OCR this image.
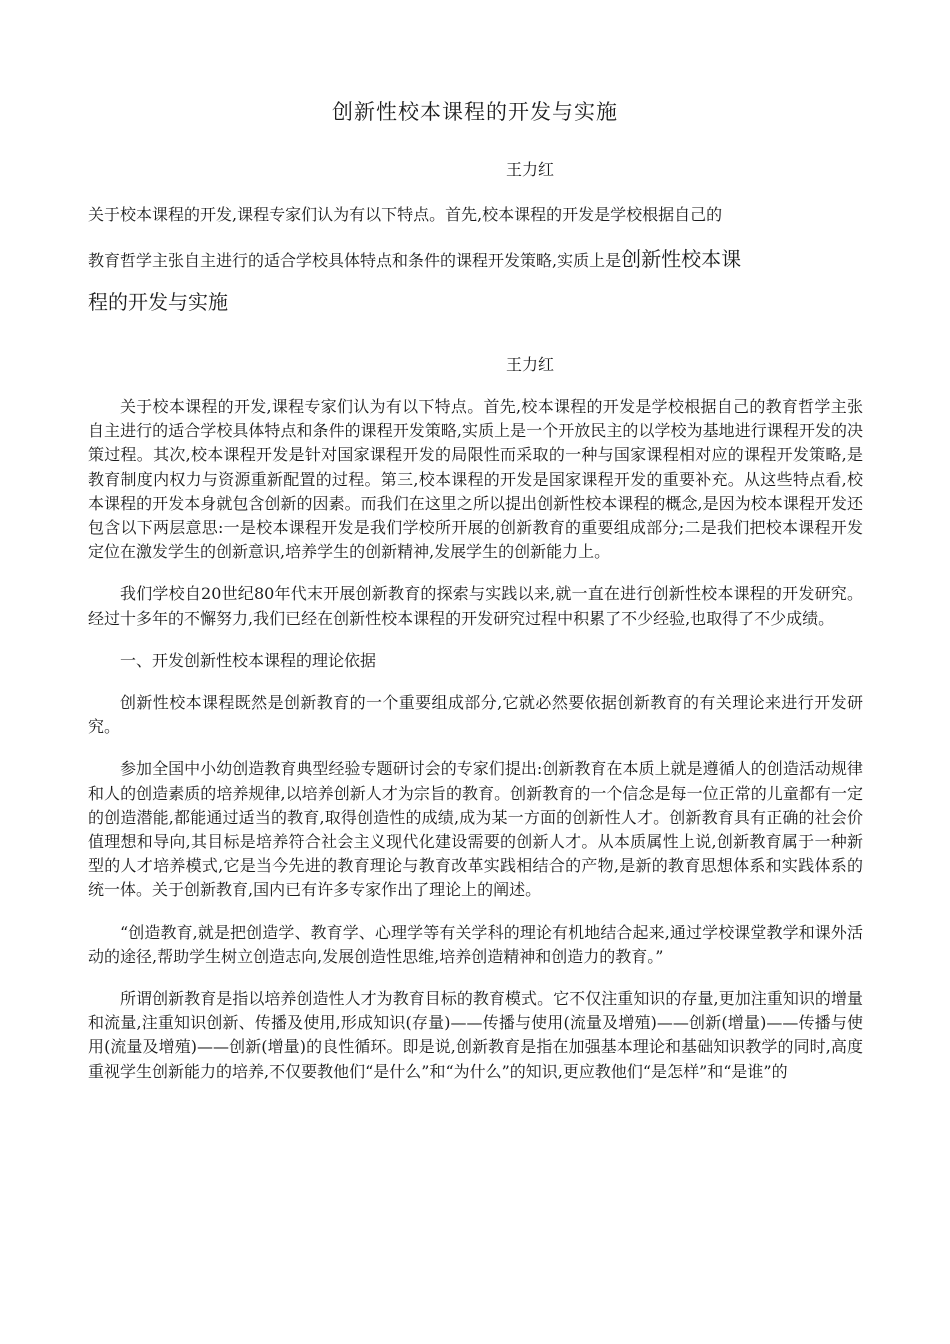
创新性校本课程的开发与实施
王力红
关于校本课程的开发,课程专家们认为有以下特点。首先,校本课程的开发是学校根据自己的
教育哲学主张自主进行的适合学校具体特点和条件的课程开发策略,实质上是创新性校本课
程的开发与实施
王力红

关于校本课程的开发,课程专家们认为有以下特点。首先,校本课程的开发是学校根据自己的教育哲学主张自主进行的适合学校具体特点和条件的课程开发策略,实质上是一个开放民主的以学校为基地进行课程开发的决策过程。其次,校本课程开发是针对国家课程开发的局限性而采取的一种与国家课程相对应的课程开发策略,是教育制度内权力与资源重新配置的过程。第三,校本课程的开发是国家课程开发的重要补充。从这些特点看,校本课程的开发本身就包含创新的因素。而我们在这里之所以提出创新性校本课程的概念,是因为校本课程开发还包含以下两层意思:一是校本课程开发是我们学校所开展的创新教育的重要组成部分;二是我们把校本课程开发定位在激发学生的创新意识,培养学生的创新精神,发展学生的创新能力上。

我们学校自20世纪80年代末开展创新教育的探索与实践以来,就一直在进行创新性校本课程的开发研究。经过十多年的不懈努力,我们已经在创新性校本课程的开发研究过程中积累了不少经验,也取得了不少成绩。

一、开发创新性校本课程的理论依据

创新性校本课程既然是创新教育的一个重要组成部分,它就必然要依据创新教育的有关理论来进行开发研究。

参加全国中小幼创造教育典型经验专题研讨会的专家们提出:创新教育在本质上就是遵循人的创造活动规律和人的创造素质的培养规律,以培养创新人才为宗旨的教育。创新教育的一个信念是每一位正常的儿童都有一定的创造潜能,都能通过适当的教育,取得创造性的成绩,成为某一方面的创新性人才。创新教育具有正确的社会价值理想和导向,其目标是培养符合社会主义现代化建设需要的创新人才。从本质属性上说,创新教育属于一种新型的人才培养模式,它是当今先进的教育理论与教育改革实践相结合的产物,是新的教育思想体系和实践体系的统一体。关于创新教育,国内已有许多专家作出了理论上的阐述。

“创造教育,就是把创造学、教育学、心理学等有关学科的理论有机地结合起来,通过学校课堂教学和课外活动的途径,帮助学生树立创造志向,发展创造性思维,培养创造精神和创造力的教育。”

所谓创新教育是指以培养创造性人才为教育目标的教育模式。它不仅注重知识的存量,更加注重知识的增量和流量,注重知识创新、传播及使用,形成知识(存量)——传播与使用(流量及增殖)——创新(增量)——传播与使用(流量及增殖)——创新(增量)的良性循环。即是说,创新教育是指在加强基本理论和基础知识教学的同时,高度重视学生创新能力的培养,不仅要教他们“是什么”和“为什么”的知识,更应教他们“是怎样”和“是谁”的
